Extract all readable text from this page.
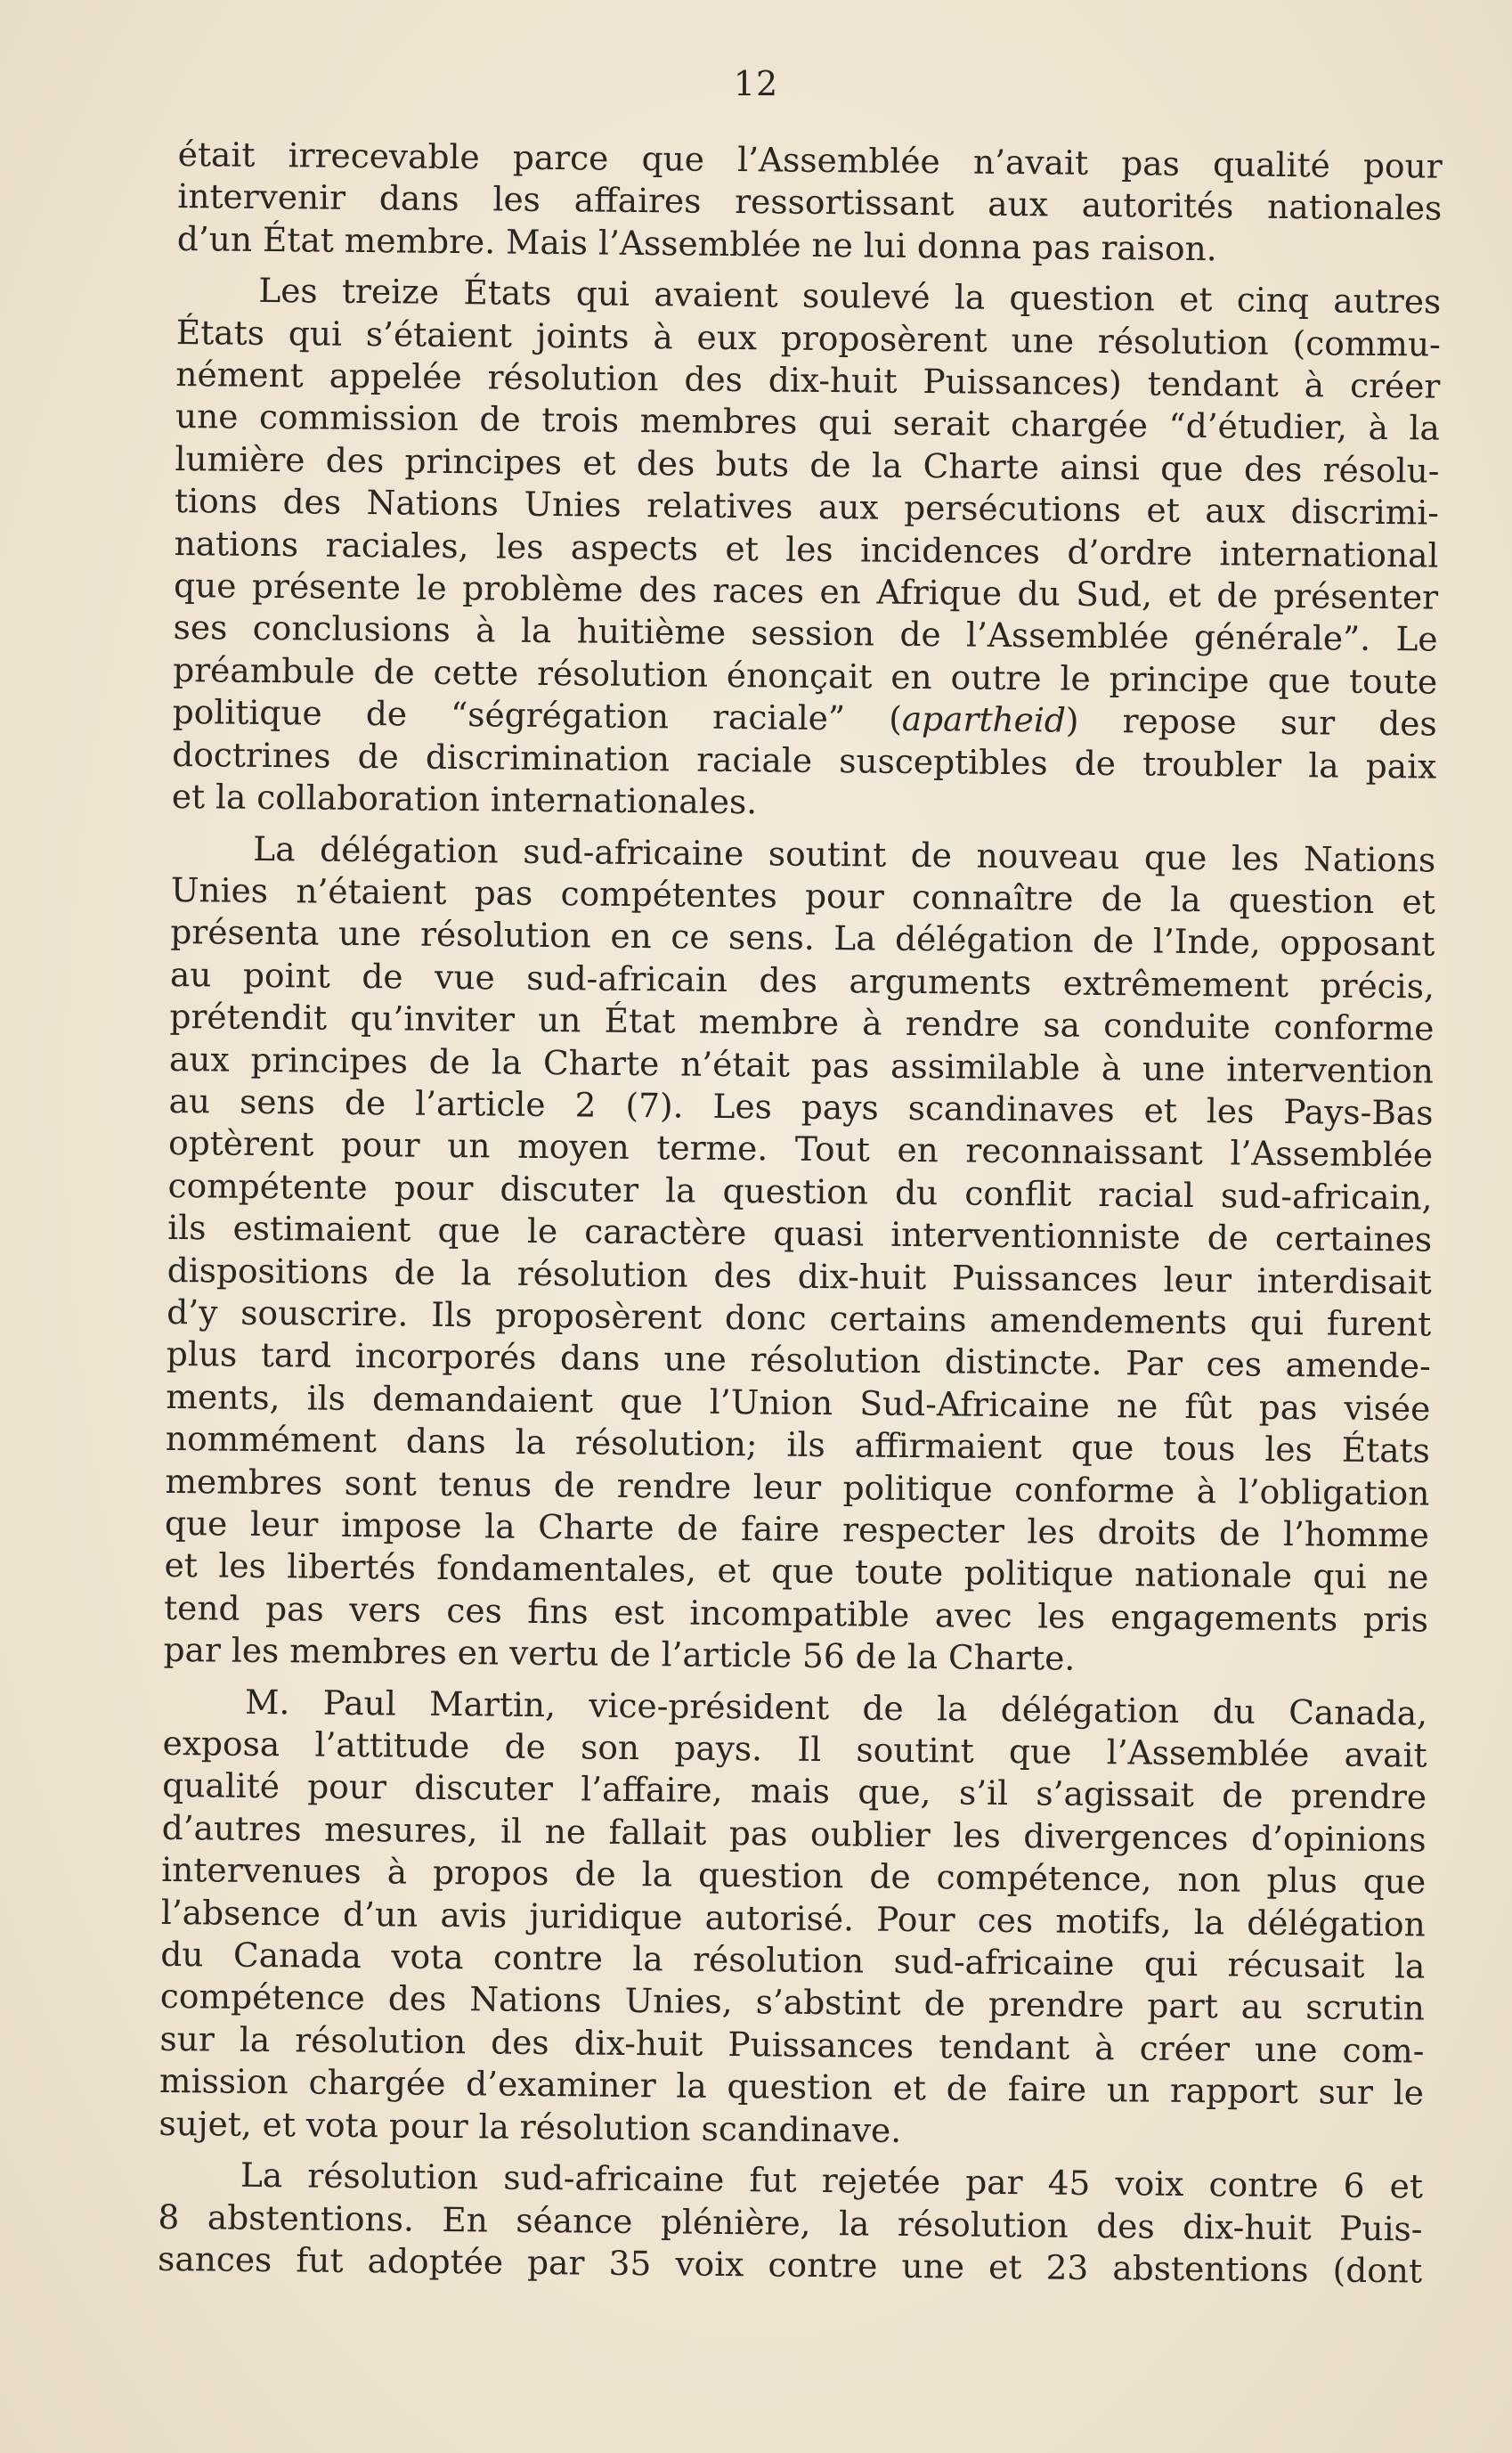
12
était irrecevable parce que l’Assemblée n’avait pas qualité pour
intervenir dans les affaires ressortissant aux autorités nationales
d’un État membre. Mais l’Assemblée ne lui donna pas raison.
Les treize États qui avaient soulevé la question et cinq autres
États qui s’étaient joints à eux proposèrent une résolution (commu-
nément appelée résolution des dix-huit Puissances) tendant à créer
une commission de trois membres qui serait chargée “d’étudier, à la
lumière des principes et des buts de la Charte ainsi que des résolu-
tions des Nations Unies relatives aux persécutions et aux discrimi-
nations raciales, les aspects et les incidences d’ordre international
que présente le problème des races en Afrique du Sud, et de présenter
ses conclusions à la huitième session de l’Assemblée générale”. Le
préambule de cette résolution énonçait en outre le principe que toute
politique de “ségrégation raciale” (apartheid) repose sur des
doctrines de discrimination raciale susceptibles de troubler la paix
et la collaboration internationales.
La délégation sud-africaine soutint de nouveau que les Nations
Unies n’étaient pas compétentes pour connaître de la question et
présenta une résolution en ce sens. La délégation de l’Inde, opposant
au point de vue sud-africain des arguments extrêmement précis,
prétendit qu’inviter un État membre à rendre sa conduite conforme
aux principes de la Charte n’était pas assimilable à une intervention
au sens de l’article 2 (7). Les pays scandinaves et les Pays-Bas
optèrent pour un moyen terme. Tout en reconnaissant l’Assemblée
compétente pour discuter la question du conflit racial sud-africain,
ils estimaient que le caractère quasi interventionniste de certaines
dispositions de la résolution des dix-huit Puissances leur interdisait
d’y souscrire. Ils proposèrent donc certains amendements qui furent
plus tard incorporés dans une résolution distincte. Par ces amende-
ments, ils demandaient que l’Union Sud-Africaine ne fût pas visée
nommément dans la résolution; ils affirmaient que tous les États
membres sont tenus de rendre leur politique conforme à l’obligation
que leur impose la Charte de faire respecter les droits de l’homme
et les libertés fondamentales, et que toute politique nationale qui ne
tend pas vers ces fins est incompatible avec les engagements pris
par les membres en vertu de l’article 56 de la Charte.
M. Paul Martin, vice-président de la délégation du Canada,
exposa l’attitude de son pays. Il soutint que l’Assemblée avait
qualité pour discuter l’affaire, mais que, s’il s’agissait de prendre
d’autres mesures, il ne fallait pas oublier les divergences d’opinions
intervenues à propos de la question de compétence, non plus que
l’absence d’un avis juridique autorisé. Pour ces motifs, la délégation
du Canada vota contre la résolution sud-africaine qui récusait la
compétence des Nations Unies, s’abstint de prendre part au scrutin
sur la résolution des dix-huit Puissances tendant à créer une com-
mission chargée d’examiner la question et de faire un rapport sur le
sujet, et vota pour la résolution scandinave.
La résolution sud-africaine fut rejetée par 45 voix contre 6 et
8 abstentions. En séance plénière, la résolution des dix-huit Puis-
sances fut adoptée par 35 voix contre une et 23 abstentions (dont
